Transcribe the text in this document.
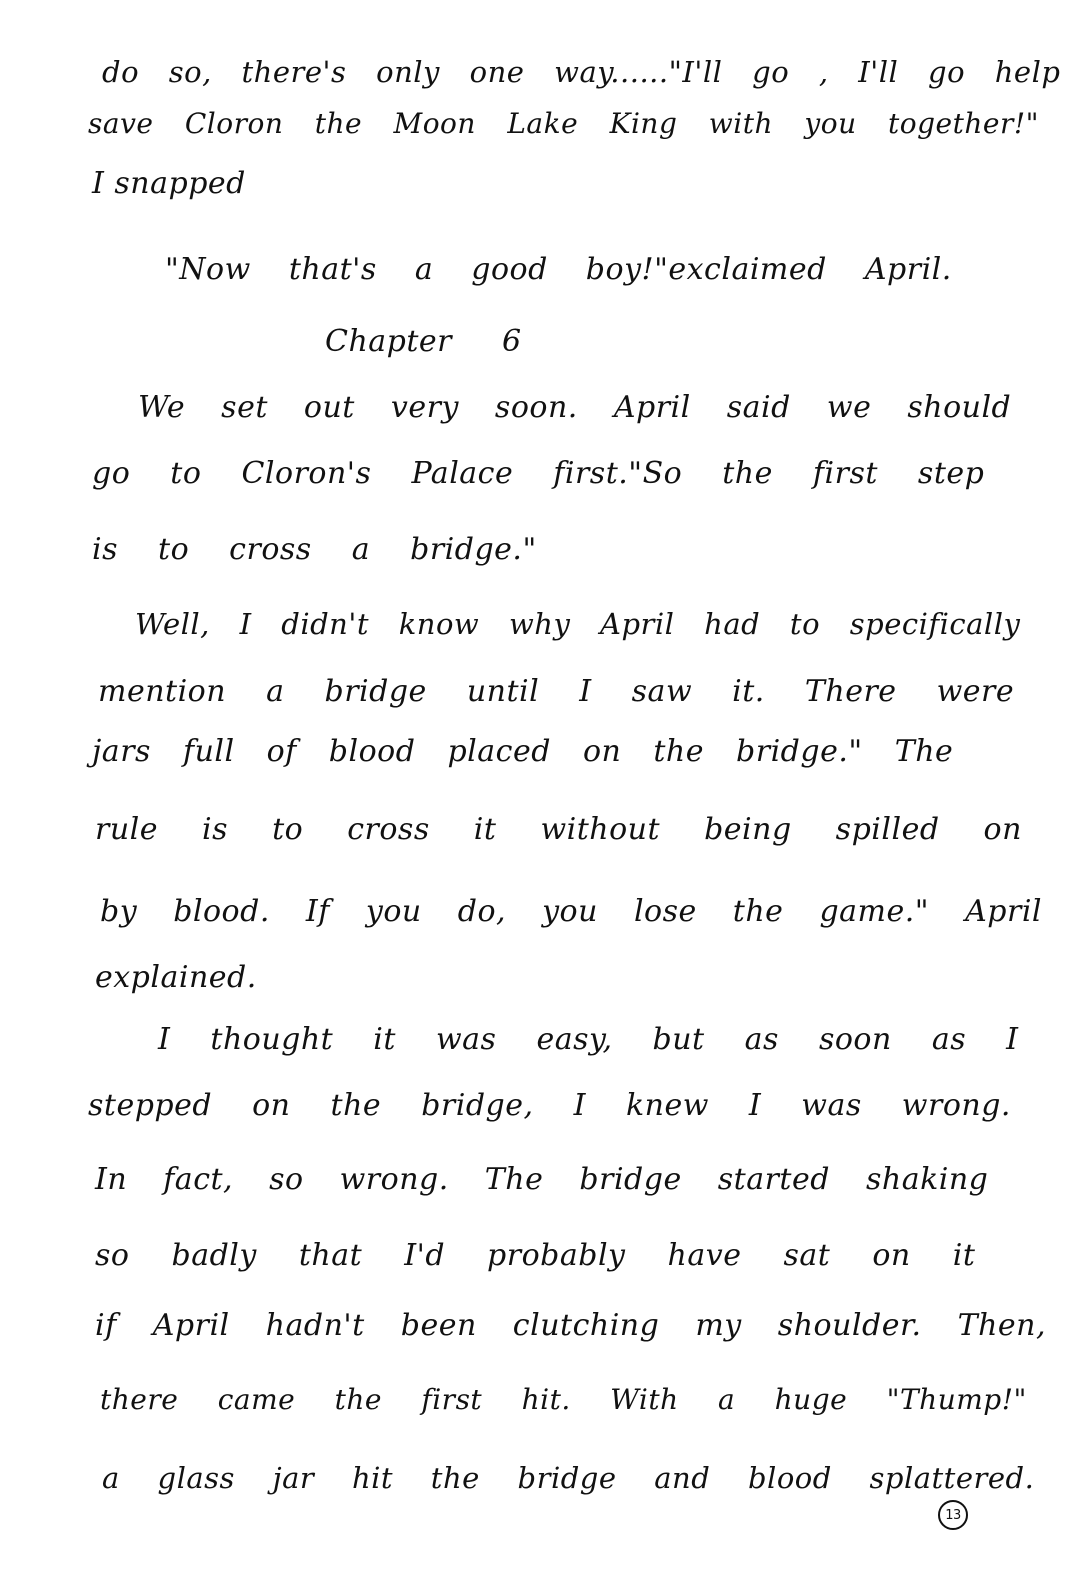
do so, there's only one way......"I'll go , I'll go help

save Cloron the Moon Lake King with you together!"

I snapped

"Now that's a good boy!"exclaimed April.

Chapter 6

We set out very soon. April said we should

go to Cloron's Palace first."So the first step

is to cross a bridge."

Well, I didn't know why April had to specifically

mention a bridge until I saw it. There were

jars full of blood placed on the bridge." The

rule is to cross it without being spilled on

by blood. If you do, you lose the game." April

explained.

I thought it was easy, but as soon as I

stepped on the bridge, I knew I was wrong.

In fact, so wrong. The bridge started shaking

so badly that I'd probably have sat on it

if April hadn't been clutching my shoulder. Then,

there came the first hit. With a huge "Thump!"

a glass jar hit the bridge and blood splattered.

13
